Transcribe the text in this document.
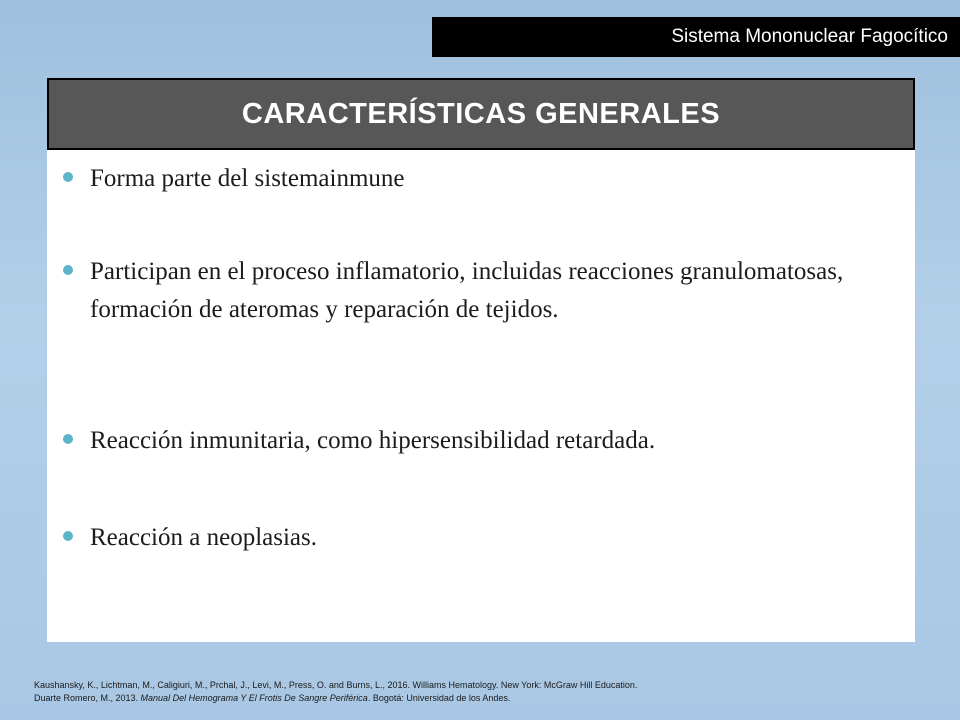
Sistema Mononuclear Fagocítico
CARACTERÍSTICAS GENERALES
Forma parte del sistemainmune
Participan en el proceso inflamatorio, incluidas reacciones granulomatosas, formación de ateromas y reparación de tejidos.
Reacción inmunitaria, como hipersensibilidad retardada.
Reacción a neoplasias.
Kaushansky, K., Lichtman, M., Caligiuri, M., Prchal, J., Levi, M., Press, O. and Burns, L., 2016. Williams Hematology. New York: McGraw Hill Education.
Duarte Romero, M., 2013. Manual Del Hemograma Y El Frotis De Sangre Periférica. Bogotá: Universidad de los Andes.
